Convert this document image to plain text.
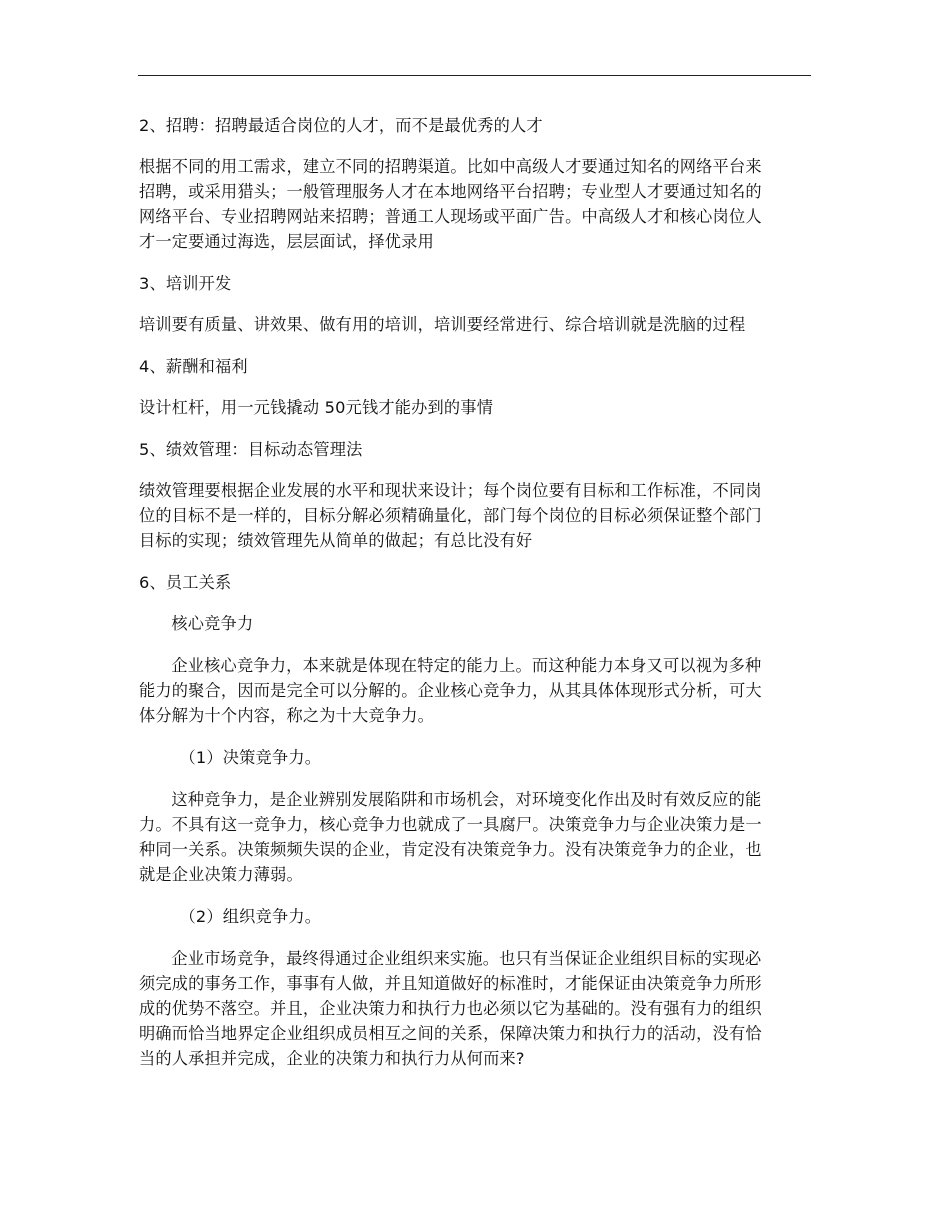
2、招聘：招聘最适合岗位的人才，而不是最优秀的人才

根据不同的用工需求，建立不同的招聘渠道。比如中高级人才要通过知名的网络平台来招聘，或采用猎头；一般管理服务人才在本地网络平台招聘；专业型人才要通过知名的网络平台、专业招聘网站来招聘；普通工人现场或平面广告。中高级人才和核心岗位人才一定要通过海选，层层面试，择优录用

3、培训开发

培训要有质量、讲效果、做有用的培训，培训要经常进行、综合培训就是洗脑的过程

4、薪酬和福利

设计杠杆，用一元钱撬动 50元钱才能办到的事情

5、绩效管理：目标动态管理法

绩效管理要根据企业发展的水平和现状来设计；每个岗位要有目标和工作标准，不同岗位的目标不是一样的，目标分解必须精确量化，部门每个岗位的目标必须保证整个部门目标的实现；绩效管理先从简单的做起；有总比没有好

6、员工关系

核心竞争力

企业核心竞争力，本来就是体现在特定的能力上。而这种能力本身又可以视为多种能力的聚合，因而是完全可以分解的。企业核心竞争力，从其具体体现形式分析，可大体分解为十个内容，称之为十大竞争力。

（1）决策竞争力。

这种竞争力，是企业辨别发展陷阱和市场机会，对环境变化作出及时有效反应的能力。不具有这一竞争力，核心竞争力也就成了一具腐尸。决策竞争力与企业决策力是一种同一关系。决策频频失误的企业，肯定没有决策竞争力。没有决策竞争力的企业，也就是企业决策力薄弱。

（2）组织竞争力。

企业市场竞争，最终得通过企业组织来实施。也只有当保证企业组织目标的实现必须完成的事务工作，事事有人做，并且知道做好的标准时，才能保证由决策竞争力所形成的优势不落空。并且，企业决策力和执行力也必须以它为基础的。没有强有力的组织明确而恰当地界定企业组织成员相互之间的关系，保障决策力和执行力的活动，没有恰当的人承担并完成，企业的决策力和执行力从何而来?
